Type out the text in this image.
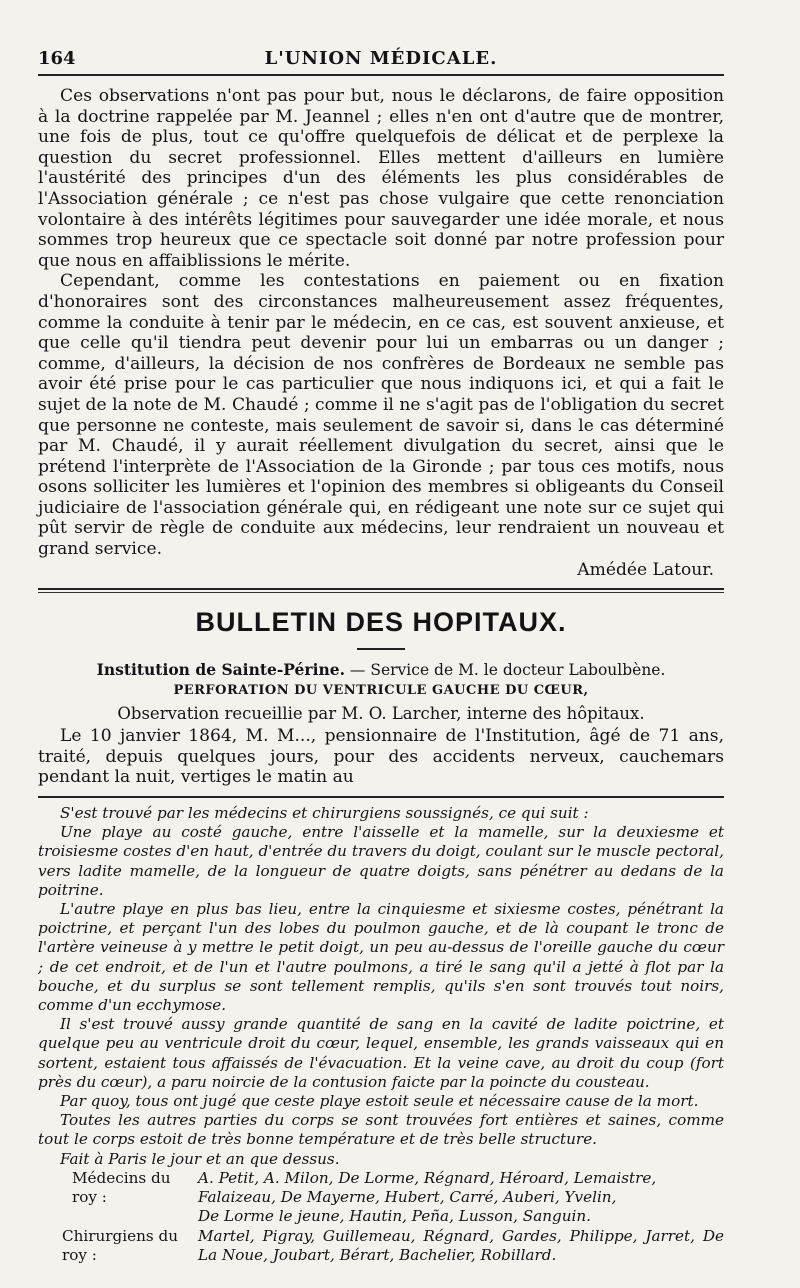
164	L'UNION MÉDICALE.

Ces observations n'ont pas pour but, nous le déclarons, de faire opposition à la doctrine rappelée par M. Jeannel ; elles n'en ont d'autre que de montrer, une fois de plus, tout ce qu'offre quelquefois de délicat et de perplexe la question du secret professionnel. Elles mettent d'ailleurs en lumière l'austérité des principes d'un des éléments les plus considérables de l'Association générale ; ce n'est pas chose vulgaire que cette renonciation volontaire à des intérêts légitimes pour sauvegarder une idée morale, et nous sommes trop heureux que ce spectacle soit donné par notre profession pour que nous en affaiblissions le mérite.

Cependant, comme les contestations en paiement ou en fixation d'honoraires sont des circonstances malheureusement assez fréquentes, comme la conduite à tenir par le médecin, en ce cas, est souvent anxieuse, et que celle qu'il tiendra peut devenir pour lui un embarras ou un danger ; comme, d'ailleurs, la décision de nos confrères de Bordeaux ne semble pas avoir été prise pour le cas particulier que nous indiquons ici, et qui a fait le sujet de la note de M. Chaudé ; comme il ne s'agit pas de l'obligation du secret que personne ne conteste, mais seulement de savoir si, dans le cas déterminé par M. Chaudé, il y aurait réellement divulgation du secret, ainsi que le prétend l'interprète de l'Association de la Gironde ; par tous ces motifs, nous osons solliciter les lumières et l'opinion des membres si obligeants du Conseil judiciaire de l'association générale qui, en rédigeant une note sur ce sujet qui pût servir de règle de conduite aux médecins, leur rendraient un nouveau et grand service.

Amédée Latour.
BULLETIN DES HOPITAUX.
Institution de Sainte-Périne. — Service de M. le docteur Laboulbène.
PERFORATION DU VENTRICULE GAUCHE DU CŒUR,
Observation recueillie par M. O. Larcher, interne des hôpitaux.

Le 10 janvier 1864, M. M..., pensionnaire de l'Institution, âgé de 71 ans, traité, depuis quelques jours, pour des accidents nerveux, cauchemars pendant la nuit, vertiges le matin au

S'est trouvé par les médecins et chirurgiens soussignés, ce qui suit :

Une playe au costé gauche, entre l'aisselle et la mamelle, sur la deuxiesme et troisiesme costes d'en haut, d'entrée du travers du doigt, coulant sur le muscle pectoral, vers ladite mamelle, de la longueur de quatre doigts, sans pénétrer au dedans de la poitrine.

L'autre playe en plus bas lieu, entre la cinquiesme et sixiesme costes, pénétrant la poictrine, et perçant l'un des lobes du poulmon gauche, et de là coupant le tronc de l'artère veineuse à y mettre le petit doigt, un peu au-dessus de l'oreille gauche du cœur ; de cet endroit, et de l'un et l'autre poulmons, a tiré le sang qu'il a jetté à flot par la bouche, et du surplus se sont tellement remplis, qu'ils s'en sont trouvés tout noirs, comme d'un ecchymose.

Il s'est trouvé aussy grande quantité de sang en la cavité de ladite poictrine, et quelque peu au ventricule droit du cœur, lequel, ensemble, les grands vaisseaux qui en sortent, estaient tous affaissés de l'évacuation. Et la veine cave, au droit du coup (fort près du cœur), a paru noircie de la contusion faicte par la poincte du cousteau.

Par quoy, tous ont jugé que ceste playe estoit seule et nécessaire cause de la mort.

Toutes les autres parties du corps se sont trouvées fort entières et saines, comme tout le corps estoit de très bonne température et de très belle structure.

Fait à Paris le jour et an que dessus.

Médecins du roy :
A. Petit, A. Milon, De Lorme, Régnard, Héroard, Lemaistre,
Falaizeau, De Mayerne, Hubert, Carré, Auberi, Yvelin,
De Lorme le jeune, Hautin, Peña, Lusson, Sanguin.
Chirurgiens du roy :
Martel, Pigray, Guillemeau, Régnard, Gardes, Philippe, Jarret, De La Noue, Joubart, Bérart, Bachelier, Robillard.
